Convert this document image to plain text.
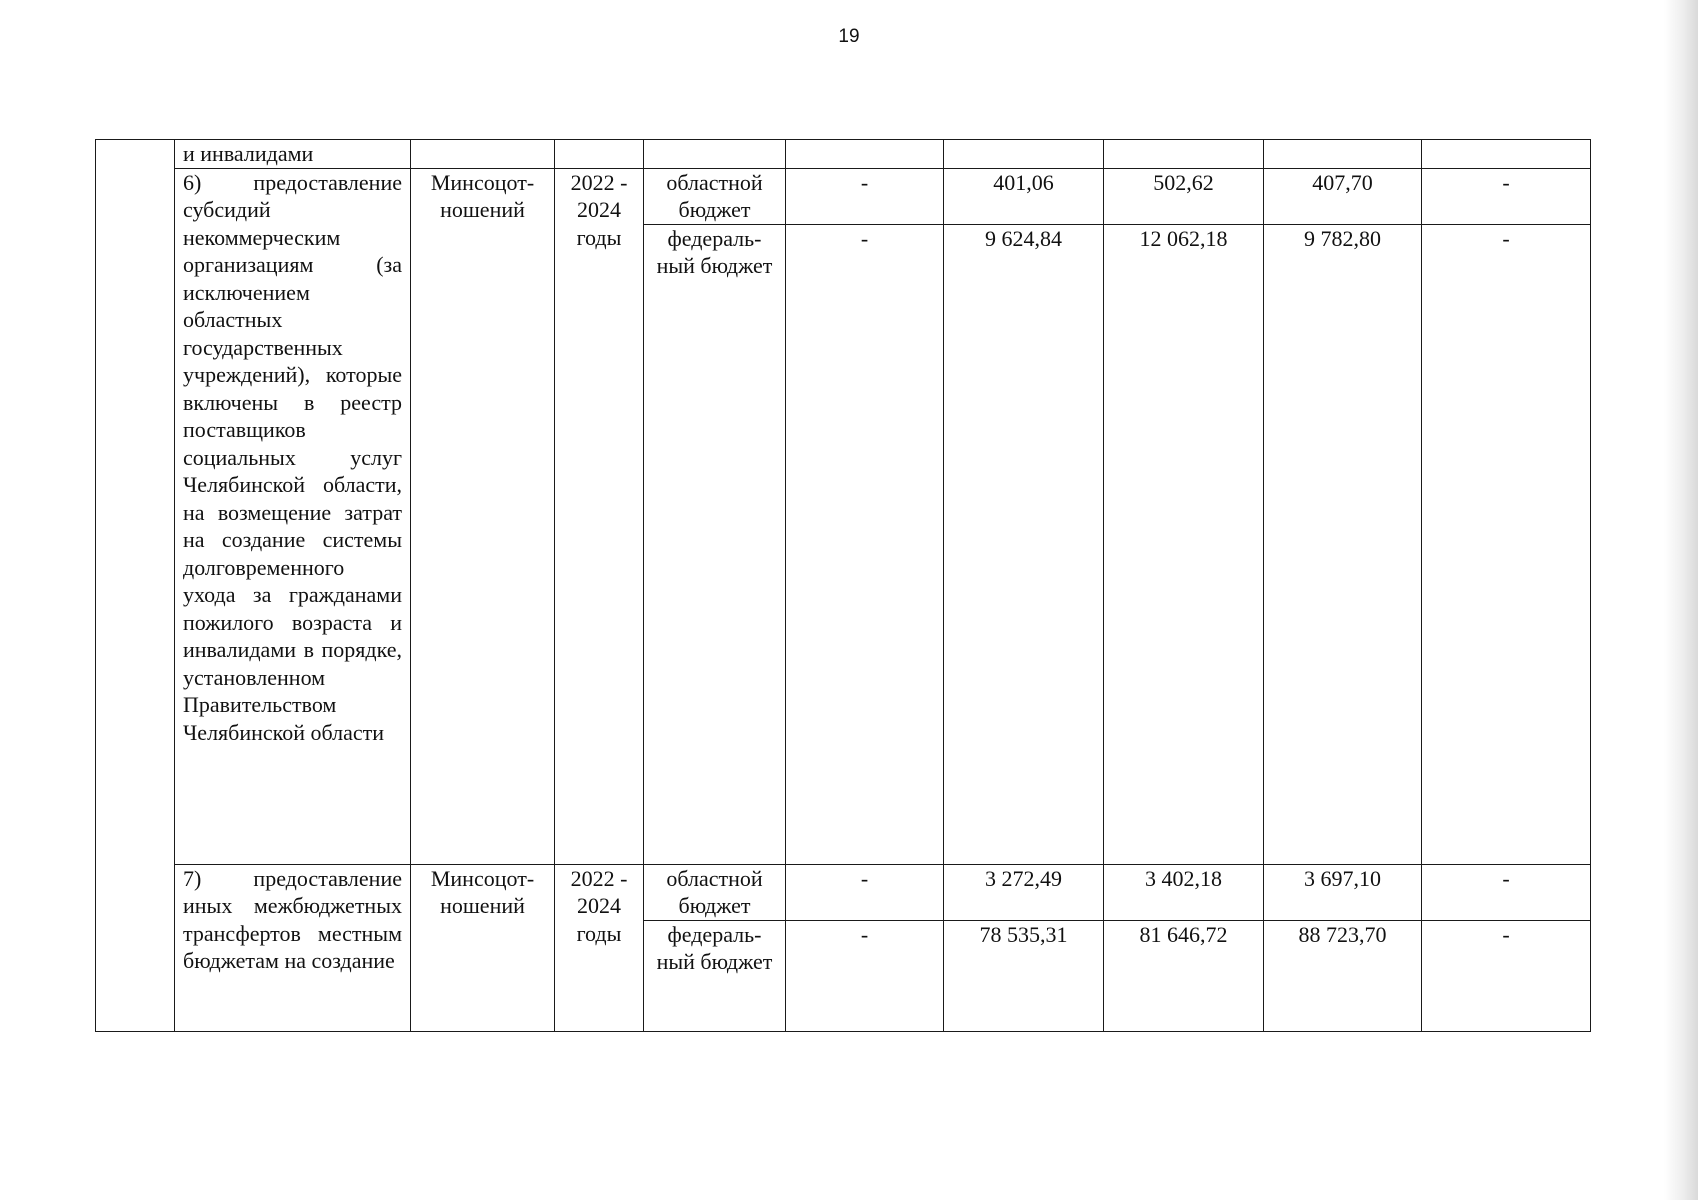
19
	и инвалидами								
	6) предоставление субсидий некоммерческим организациям (за исключением областных государственных учреждений), которые включены в реестр поставщиков социальных услуг Челябинской области, на возмещение затрат на создание системы долговременного ухода за гражданами пожилого возраста и инвалидами в порядке, установленном Правительством Челябинской области	Минсоцот-ношений	2022 - 2024 годы	областной бюджет	-	401,06	502,62	407,70	-
				федераль-ный бюджет	-	9 624,84	12 062,18	9 782,80	-

	7) предоставление иных межбюджетных трансфертов местным бюджетам на создание	Минсоцот-ношений	2022 - 2024 годы	областной бюджет	-	3 272,49	3 402,18	3 697,10	-
				федераль-ный бюджет	-	78 535,31	81 646,72	88 723,70	-
